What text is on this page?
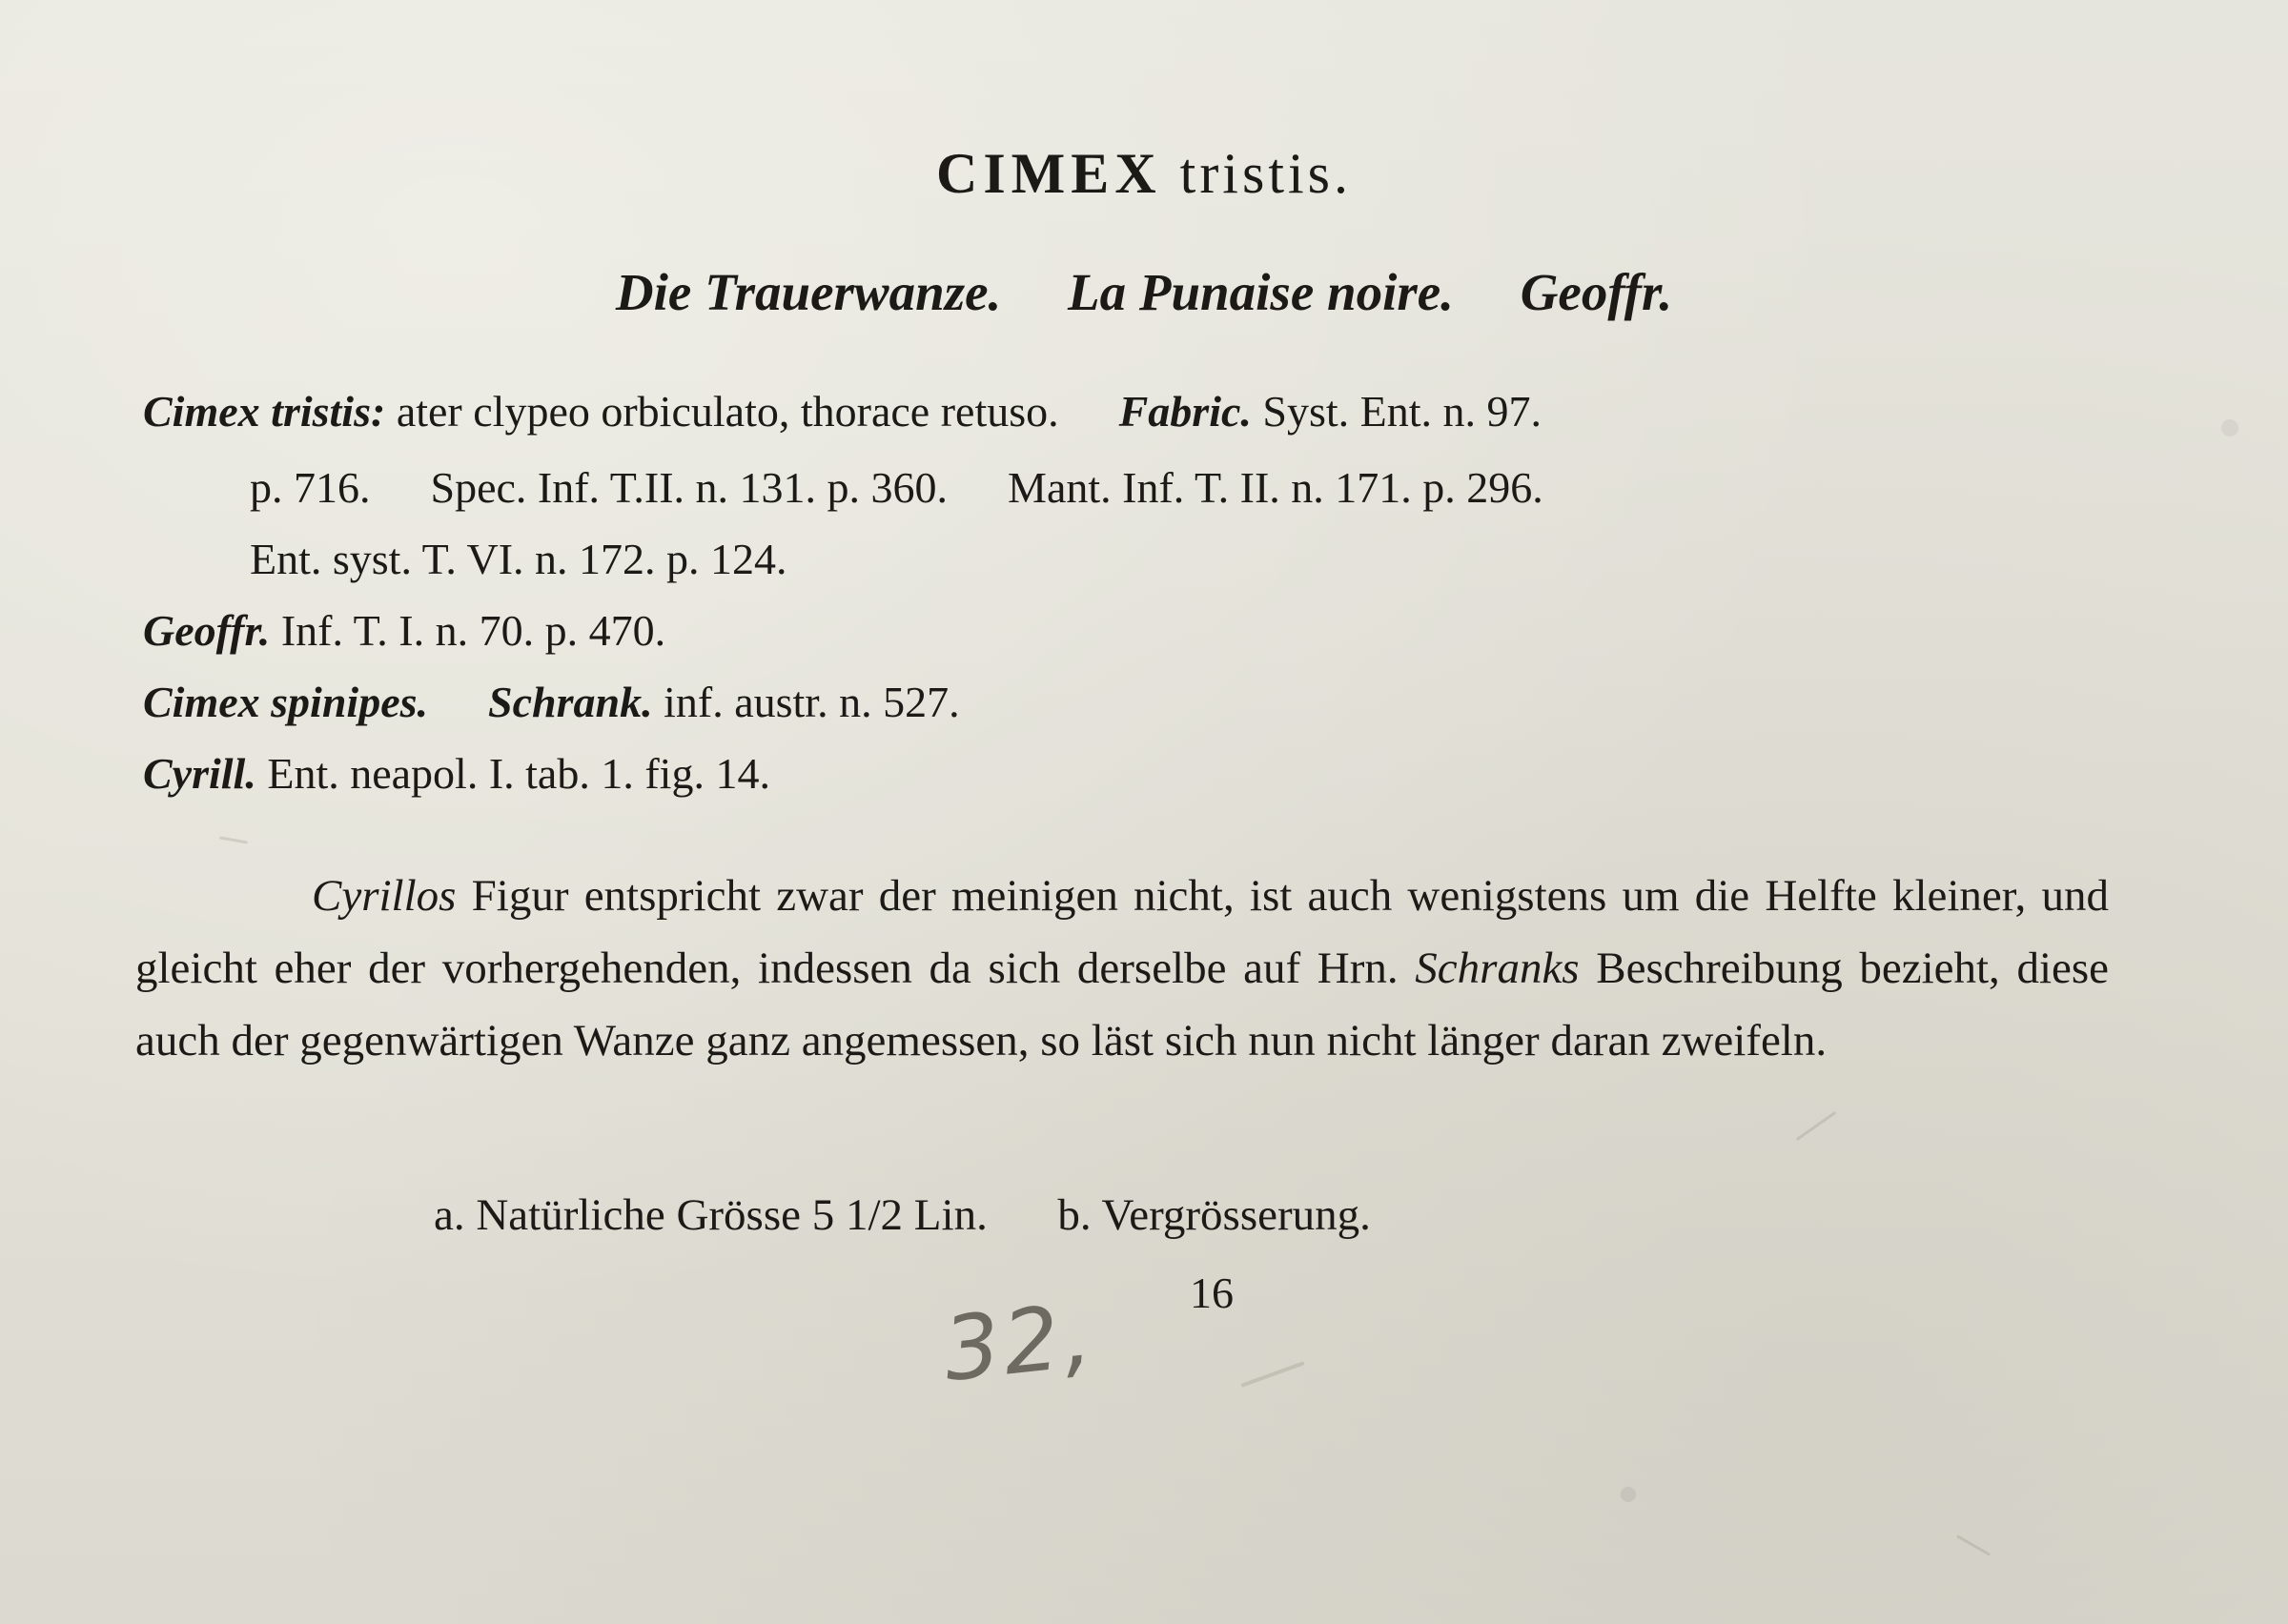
CIMEX tristis.
Die Trauerwanze. La Punaise noire. Geoffr.
Cimex tristis: ater clypeo orbiculato, thorace retuso. Fabric. Syst. Ent. n. 97.
p. 716. Spec. Inf. T.II. n. 131. p. 360. Mant. Inf. T. II. n. 171. p. 296.
Ent. syst. T. VI. n. 172. p. 124.
Geoffr. Inf. T. I. n. 70. p. 470.
Cimex spinipes. Schrank. inf. austr. n. 527.
Cyrill. Ent. neapol. I. tab. 1. fig. 14.
Cyrillos Figur entspricht zwar der meinigen nicht, ist auch wenigstens um die Helfte kleiner, und gleicht eher der vorhergehenden, indessen da sich derselbe auf Hrn. Schranks Beschreibung bezieht, diese auch der gegenwärtigen Wanze ganz angemessen, so läst sich nun nicht länger daran zweifeln.
a. Natürliche Grösse 5 1/2 Lin. b. Vergrösserung.
16
32,
